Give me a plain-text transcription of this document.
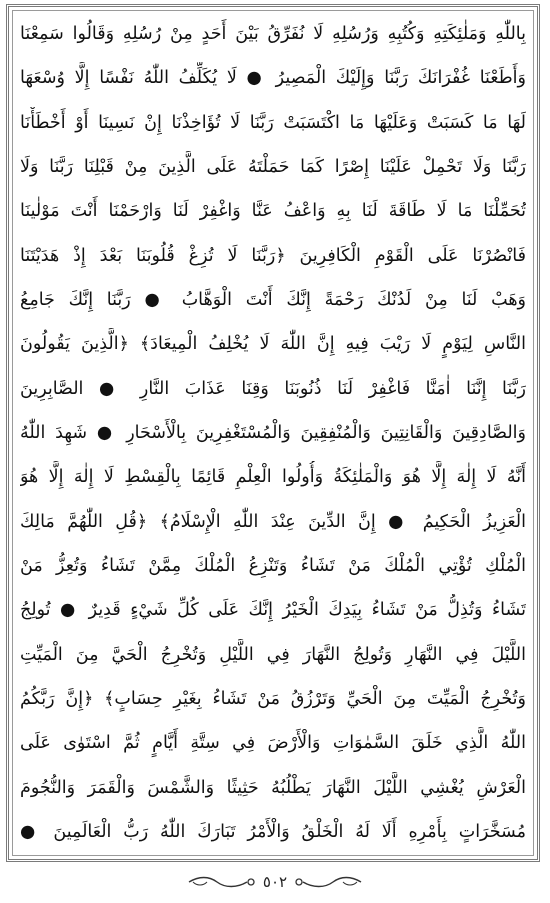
بِاللّٰهِ وَمَلٰئِكَتِهِ وَكُتُبِهِ وَرُسُلِهِ لَا نُفَرِّقُ بَيْنَ أَحَدٍ مِنْ رُسُلِهِ وَقَالُوا سَمِعْنَا
وَأَطَعْنَا غُفْرَانَكَ رَبَّنَا وَإِلَيْكَ الْمَصِيرُ ● لَا يُكَلِّفُ اللّٰهُ نَفْسًا إِلَّا وُسْعَهَا
لَهَا مَا كَسَبَتْ وَعَلَيْهَا مَا اكْتَسَبَتْ رَبَّنَا لَا تُؤَاخِذْنَا إِنْ نَسِينَا أَوْ أَخْطَأْنَا
رَبَّنَا وَلَا تَحْمِلْ عَلَيْنَا إِصْرًا كَمَا حَمَلْتَهُ عَلَى الَّذِينَ مِنْ قَبْلِنَا رَبَّنَا وَلَا
تُحَمِّلْنَا مَا لَا طَاقَةَ لَنَا بِهِ وَاعْفُ عَنَّا وَاغْفِرْ لَنَا وَارْحَمْنَا أَنْتَ مَوْلٰينَا
فَانْصُرْنَا عَلَى الْقَوْمِ الْكَافِرِينَ ﴿رَبَّنَا لَا تُزِغْ قُلُوبَنَا بَعْدَ إِذْ هَدَيْتَنَا
وَهَبْ لَنَا مِنْ لَدُنْكَ رَحْمَةً إِنَّكَ أَنْتَ الْوَهَّابُ ● رَبَّنَا إِنَّكَ جَامِعُ
النَّاسِ لِيَوْمٍ لَا رَيْبَ فِيهِ إِنَّ اللّٰهَ لَا يُخْلِفُ الْمِيعَادَ﴾ ﴿الَّذِينَ يَقُولُونَ
رَبَّنَا إِنَّنَا اٰمَنَّا فَاغْفِرْ لَنَا ذُنُوبَنَا وَقِنَا عَذَابَ النَّارِ ● الصَّابِرِينَ
وَالصَّادِقِينَ وَالْقَانِتِينَ وَالْمُنْفِقِينَ وَالْمُسْتَغْفِرِينَ بِالْأَسْحَارِ ● شَهِدَ اللّٰهُ
أَنَّهُ لَا إِلٰهَ إِلَّا هُوَ وَالْمَلٰئِكَةُ وَأُولُوا الْعِلْمِ قَائِمًا بِالْقِسْطِ لَا إِلٰهَ إِلَّا هُوَ
الْعَزِيزُ الْحَكِيمُ ● إِنَّ الدِّينَ عِنْدَ اللّٰهِ الْإِسْلَامُ﴾ ﴿قُلِ اللّٰهُمَّ مَالِكَ
الْمُلْكِ تُؤْتِي الْمُلْكَ مَنْ تَشَاءُ وَتَنْزِعُ الْمُلْكَ مِمَّنْ تَشَاءُ وَتُعِزُّ مَنْ
تَشَاءُ وَتُذِلُّ مَنْ تَشَاءُ بِيَدِكَ الْخَيْرُ إِنَّكَ عَلَى كُلِّ شَيْءٍ قَدِيرٌ ● تُولِجُ
اللَّيْلَ فِي النَّهَارِ وَتُولِجُ النَّهَارَ فِي اللَّيْلِ وَتُخْرِجُ الْحَيَّ مِنَ الْمَيِّتِ
وَتُخْرِجُ الْمَيِّتَ مِنَ الْحَيِّ وَتَرْزُقُ مَنْ تَشَاءُ بِغَيْرِ حِسَابٍ﴾ ﴿إِنَّ رَبَّكُمُ
اللّٰهُ الَّذِي خَلَقَ السَّمٰوَاتِ وَالْأَرْضَ فِي سِتَّةِ أَيَّامٍ ثُمَّ اسْتَوٰى عَلَى
الْعَرْشِ يُغْشِي اللَّيْلَ النَّهَارَ يَطْلُبُهُ حَثِيثًا وَالشَّمْسَ وَالْقَمَرَ وَالنُّجُومَ
مُسَخَّرَاتٍ بِأَمْرِهِ أَلَا لَهُ الْخَلْقُ وَالْأَمْرُ تَبَارَكَ اللّٰهُ رَبُّ الْعَالَمِينَ ●
٥٠٢
